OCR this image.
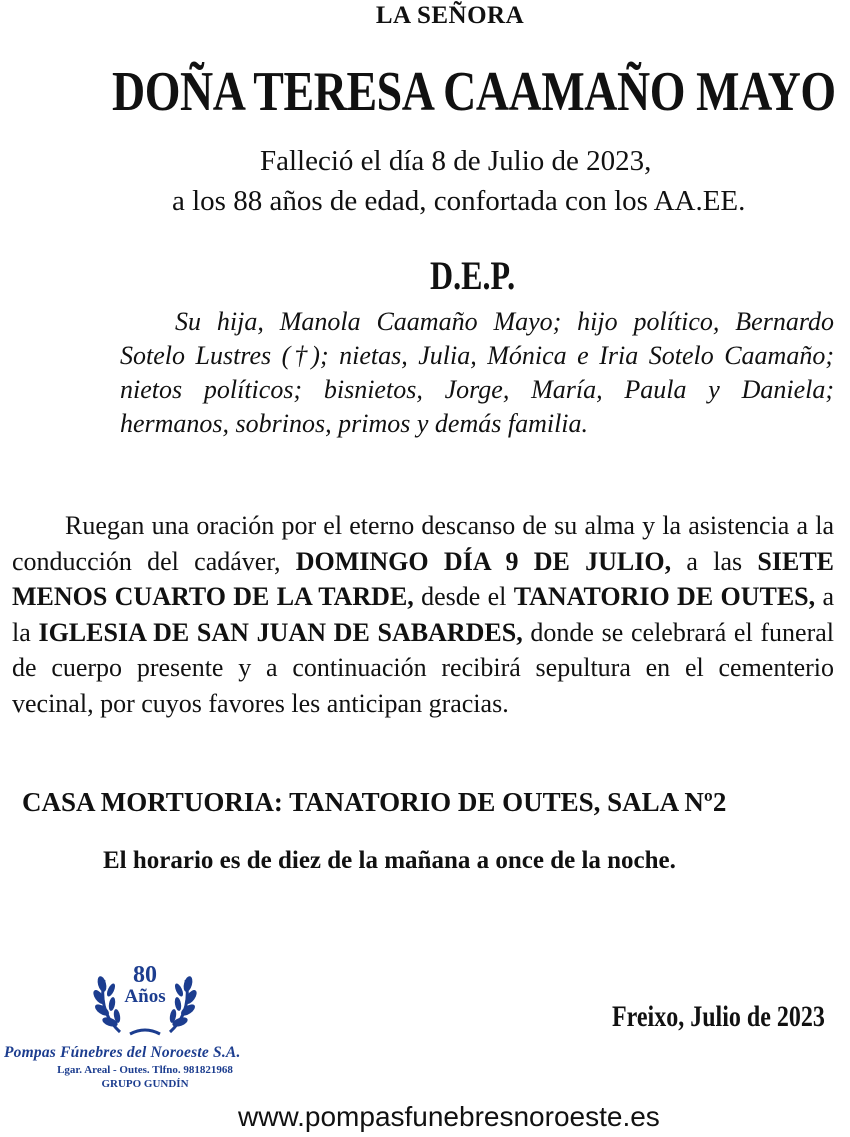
LA SEÑORA
DOÑA TERESA CAAMAÑO MAYO
Falleció el día 8 de Julio de 2023,
a los 88 años de edad, confortada con los AA.EE.
D.E.P.

Su hija, Manola Caamaño Mayo; hijo político, Bernardo Sotelo Lustres (†); nietas, Julia, Mónica e Iria Sotelo Caamaño; nietos políticos; bisnietos, Jorge, María, Paula y Daniela; hermanos, sobrinos, primos y demás familia.

Ruegan una oración por el eterno descanso de su alma y la asistencia a la conducción del cadáver, DOMINGO DÍA 9 DE JULIO, a las SIETE MENOS CUARTO DE LA TARDE, desde el TANATORIO DE OUTES, a la IGLESIA DE SAN JUAN DE SABARDES, donde se celebrará el funeral de cuerpo presente y a continuación recibirá sepultura en el cementerio vecinal, por cuyos favores les anticipan gracias.

CASA MORTUORIA: TANATORIO DE OUTES, SALA Nº2
El horario es de diez de la mañana a once de la noche.
80
Años
Pompas Fúnebres del Noroeste S.A.
Lgar. Areal - Outes. Tlfno. 981821968
GRUPO GUNDÍN
Freixo, Julio de 2023
www.pompasfunebresnoroeste.es
